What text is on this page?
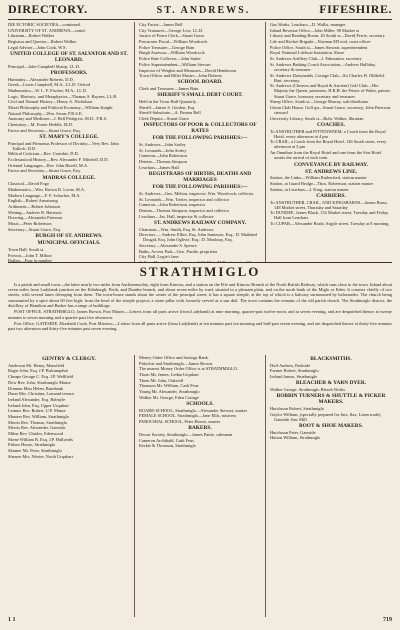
DIRECTORY.	ST. ANDREWS.	FIFESHIRE.

DIE ECTORIC SOCIETIES—continued.

UNIVERSITY OF ST. ANDREWS—contd.

Librarian—Robert Walker

Registrar and Questor—Robert Walker

Legal Adviser—John Cook, W.S.

UNITED COLLEGE OF ST. SALVATOR AND ST. LEONARD.

Principal—John Campbell Shairp, LL.D.

PROFESSORS.

Humanity—Alexander Roberts, D.D.

Greek—Lewis Campbell, M.A., LL.D. Oxford

Mathematics—W. L. F. Fischer, M.A., LL.D.

Logic, Rhetoric, and Metaphysics—Thomas S. Baynes, LL.B.

Civil and Natural History—Henry A. Nicholson

Moral Philosophy and Political Economy—William Knight

Natural Philosophy—Wm. Swan, F.R.S.E.

Anatomy and Medicine—J. Bell Pettigrew, M.D., F.R.S.

Chemistry—M. Foster Heddle, M.D.

Factor and Secretary—Stuart Grace, Esq.

ST. MARY'S COLLEGE.

Principal and Primarius Professor of Divinity—Very Rev. John Tulloch, D.D.

Biblical Criticism—Rev. Crombie, D.D.

Ecclesiastical History—Rev. Alexander F. Mitchell, D.D.

Oriental Languages—Rev. John Birrell, M.A.

Factor and Secretary—Stuart Grace, Esq.

MADRAS COLLEGE.

Classical—David Fogo

Mathematics—Wm. Brown D. Lorne, M.A.

Modern Language—F. F. Schacher, M.A.

English—Robert Armstrong

Arithmetic—Robert Johnston

Writing—Andrew R. Harrison

Drawing—Alexander Paterson

Music—Peter Robertson

Secretary—Stuart Grace, Esq.

BURGH OF ST. ANDREWS.
MUNICIPAL OFFICIALS.

Town Hall, South st.

Provost—John T. Milton

Bailies—Four in number

City Factor—James Bell

City Treasurer—George Low, LL.D.

Justice of Peace Clerk—Stuart Grace

Procurator Fiscal—William Woodcock

Police Treasurer—George Bain

Burgh Assessor—William Woodcock

Police Rate Collector—John Sutter

Police Superintendent—William Stewart

Inspector of Weights and Measures—David Henderson

Town Officer and Billet Master—John Doherty

SCHOOL BOARD.

Clerk and Treasurer—James Bain

SHERIFF'S SMALL DEBT COURT.

Held in the Town Hall Quarterly.

Sheriff—James S. Gordon, Esq.

Sheriff-Substitute—A. Beaton Bell

Clerk Depute—Stuart Grace

INSPECTORS OF POOR & COLLECTORS OF RATES
FOR THE FOLLOWING PARISHES:—

St. Andrews—John Sorley

St. Leonards—John Sorley

Cameron—John Robertson

Denino—Thomas Simpson

Leuchars—James Hall

REGISTRARS OF BIRTHS, DEATHS AND MARRIAGES
FOR THE FOLLOWING PARISHES:—

St. Andrews—Geo. Melton, inspector; Wm. Woodcock, collector

St. Leonards—Wm. Tretter, inspector and collector

Cameron—John Robertson, inspector

Denino—Thomas Simpson, inspector and collector

Leuchars—Jas. Hall, inspector & collector

ST. ANDREWS RAILWAY COMPANY.

Chairman—Wm. Smith, Esq. St. Andrews

Directors — Andrew Elliot, Esq. John Jamieson, Esq.; D. Maitland Dougal, Esq. John Oglivie, Esq.; D. Moubray, Esq.

Secretary—Alexander S. Spence

Baths, Access Park—Geo. Purdie, proprietor

City Hall, Logie's lane

Gas Works, Leuchars—D. Wallis, manager

Inland Revenue Office—John Miller, 98 Market st

Library and Reading Room, 20 South st—David Ferrie, secretary

Life and Rocket Brigade—Norman M'Leod, coast officer

Police Office, South st—James Stewart, superintendent

Royal National Lifeboat Institution, Shore

St. Andrews Artillery Club—J. Edmonton, secretary

St. Andrews Bathing Coach Association—Andrew Halliday, secretary & treasurer

St. Andrews Dairymaids, Cottage Club—Sir Charles H. Oldfield, Bart, secretary

St. Andrews (Cheaves and Royal & Ancient) Golf Club—Her Majesty the Queen, patroness; H.R.H. the Prince of Wales, patron; Stuart Grace, honorary secretary and treasurer

Sheep Office, South st—George Murray, sub-distributor

Union Club House, Golf gn—Stuart Grace, secretary; John Paterson, steward

University Library, South st—Robt. Walker, librarian

COACHES.

To ANSTRUTHER and PITTENWEEM, a Coach from the Royal Hotel, every afternoon at 4 pm

To CRAIL, a Coach from the Royal Hotel, 146 South street, every afternoon at 3 pm

An Omnibus from the Royal Hotel and one from the Star Hotel awaits the arrival of each train

CONVEYANCE BY RAILWAY.
ST. ANDREWS LINE.

Station, the Links—William Rutherford, station master

Station, at Guard Bridge—Thos. Robertson, station master

Station, at Leuchars—J. King, station master

CARRIERS.

To ANSTRUTHER, CRAIL, AND KINGSBARNS—James Brass, 148 Market street, Thursday and Saturday

To DUNDEE, James Black, 132 Market street, Tuesday and Friday, Hall from Leuchars

To CUPAR—Alexander Braid, Argyle street, Tuesday at 8 morning

STRATHMIGLO

Is a parish and small town—the latter nearly two miles from Auchtermuchty, eight from Kinross, and a station on the Fife and Kinross Branch of the North British Railway, which runs close to the town. Inland about seven miles from Ladybank junction on the Edinburgh, Perth, and Dundee branch, and about seven miles by road, situated in a pleasant plain, and on the north bank of the Miglo or Eden. It consists chiefly of two streets, with several lanes diverging from them. The town-house stands about the centre of the principal street; it has a square steeple, at the top of which is a balcony surmounted by balustrades. The church being surmounted by a spire about 60 feet high; from the head of the steeple projects a stone pillar with formerly served as a sun dial. The town contains the remains of the old parish church. The Strathmiglo district, the distillery of Hamilton and Barker has a range of buildings.

POST OFFICE, STRATHMIGLO, James Brown, Post Master.—Letters from all parts arrive (from Ladybank) at nine morning, quarter-past twelve noon, and at seven evening, and are despatched thence at twenty minutes to seven morning and a quarter-past five afternoon.

Post Office, GATESIDE, Elizabeth Cook, Post Mistress.—Letters from all parts arrive (from Ladybank) at ten minutes past ten morning and half-past seven evening, and are despatched thence at thirty-five minutes past two afternoon and thirty-five minutes past seven evening.

GENTRY & CLERGY.

Anderson Mr. Henry, Mansfield

Bogie John, Esq. J.P. Balcanquhal

Cheape George C. Esq. J.P. Wellfield

Dow Rev. John, Strathmiglo Manse

Drinnan Miss Helen, Burnbank

Dunn Mrs. Christina, Lomond terrace

Ireland Alexander, Esq. Balmyle

Ireland John, Esq. Upper Urquhart

Lennox Rev. Robert, U.P. Manse

Masters Rev. William, Strathmiglo

Morris Rev. Thomas, Strathmiglo

Morris Rev. Alexander, Gateside

Milne Rev. Charles, Edenwood

Skene William B. Esq. J.P. Hallyards

Pitlour House, Strathmiglo

Skinner Mr. Peter, Strathmiglo

Shearer Mrs. Wester, North Urquhart

Money Order Office and Savings Bank.

Pitlochie and Strathmiglo—James Brown.

The nearest Money Order Office is at STRATHMIGLO.

Thom Mr. James, Ledna Urquhart

Thom Mr. John, Oakwell

Thomson Mr. William, Cash Feus

Young Mr. Alexander, Strathmiglo

Walker Mr. George, Eden Cottage

SCHOOLS.

BOARD SCHOOL, Strathmiglo—Alexander Stewart, master

FEMALE SCHOOL, Strathmiglo—Jane Ellis, mistress

PAROCHIAL SCHOOL, Peter Howie, master

BAKERS.

Dewar Society, Strathmiglo—James Patrie, salesman

Cameron Archibald, Cash Feus

Kerkie & Thomson, Strathmiglo

BLACKSMITHS.

Duff Andrew, Parkside

Farmer Robert, Strathmiglo

Ireland James, Strathmiglo

BLEACHER & YARN DYER.

Walker George, Strathmiglo Bleach Works

BOBBIN TURNERS & SHUTTLE & PICKER MAKERS.

Hutchison Robert, Strathmiglo

Gaylor William, (specially prepared for Jute, flax, Linen trade), Gateside Saw Mill

BOOT & SHOE MAKERS.

Hutchison Peter, Gateside

Hutton William, Strathmiglo

1 1	719
